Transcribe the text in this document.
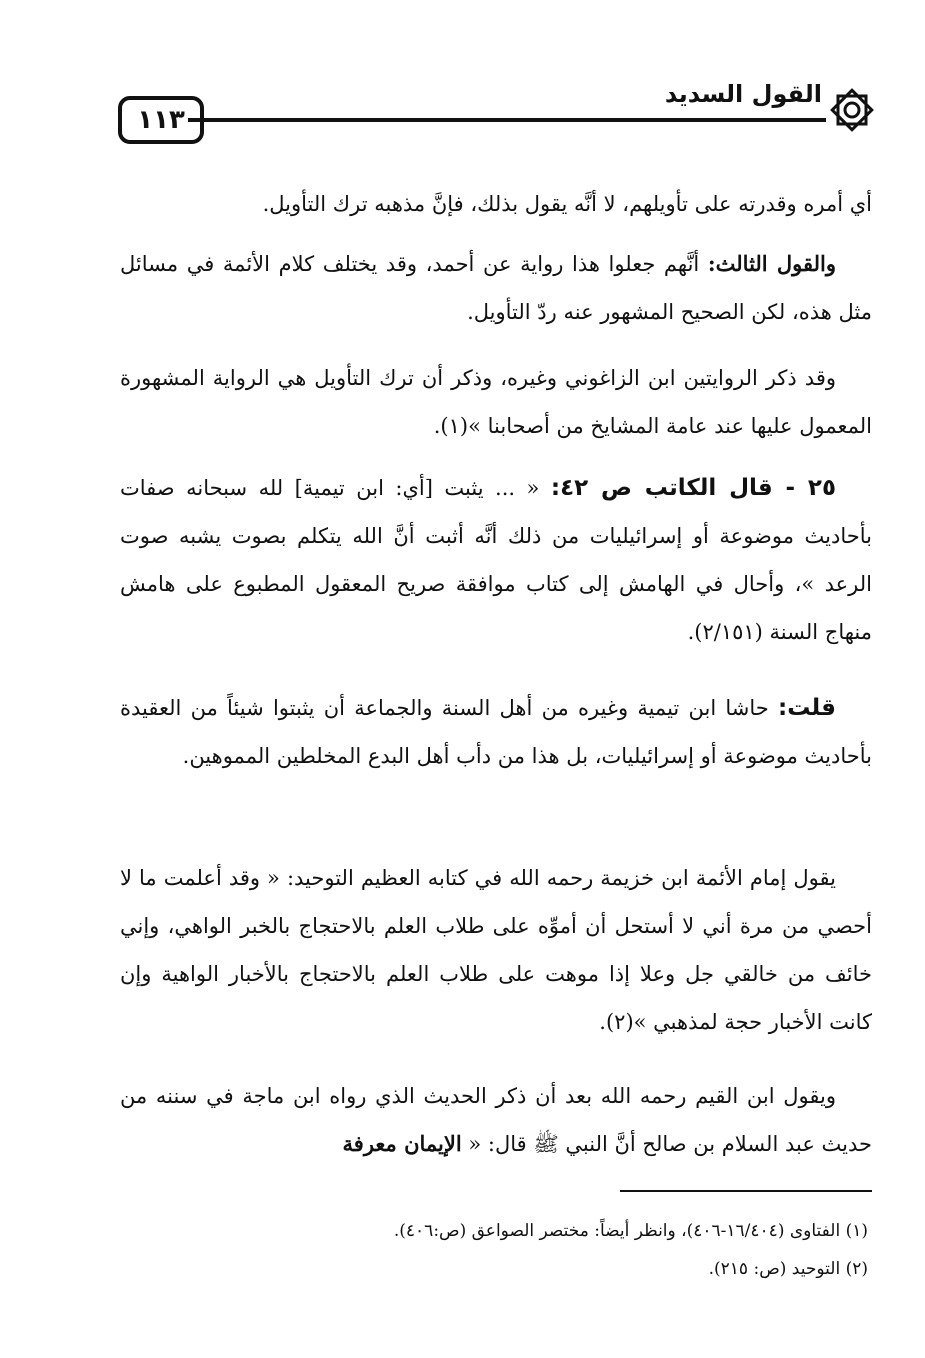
١١٣
القول السديد

أي أمره وقدرته على تأويلهم، لا أنَّه يقول بذلك، فإنَّ مذهبه ترك التأويل.

والقول الثالث: أنَّهم جعلوا هذا رواية عن أحمد، وقد يختلف كلام الأئمة في مسائل مثل هذه، لكن الصحيح المشهور عنه ردّ التأويل.

وقد ذكر الروايتين ابن الزاغوني وغيره، وذكر أن ترك التأويل هي الرواية المشهورة المعمول عليها عند عامة المشايخ من أصحابنا »(١).

٢٥ - قال الكاتب ص ٤٢: « ... يثبت [أي: ابن تيمية] لله سبحانه صفات بأحاديث موضوعة أو إسرائيليات من ذلك أنَّه أثبت أنَّ الله يتكلم بصوت يشبه صوت الرعد »، وأحال في الهامش إلى كتاب موافقة صريح المعقول المطبوع على هامش منهاج السنة (٢/١٥١).

قلت: حاشا ابن تيمية وغيره من أهل السنة والجماعة أن يثبتوا شيئاً من العقيدة بأحاديث موضوعة أو إسرائيليات، بل هذا من دأب أهل البدع المخلطين المموهين.

يقول إمام الأئمة ابن خزيمة رحمه الله في كتابه العظيم التوحيد: « وقد أعلمت ما لا أحصي من مرة أني لا أستحل أن أموِّه على طلاب العلم بالاحتجاج بالخبر الواهي، وإني خائف من خالقي جل وعلا إذا موهت على طلاب العلم بالاحتجاج بالأخبار الواهية وإن كانت الأخبار حجة لمذهبي »(٢).

ويقول ابن القيم رحمه الله بعد أن ذكر الحديث الذي رواه ابن ماجة في سننه من حديث عبد السلام بن صالح أنَّ النبي ﷺ قال: « الإيمان معرفة

(١) الفتاوى (١٦/٤٠٤-٤٠٦)، وانظر أيضاً: مختصر الصواعق (ص:٤٠٦).

(٢) التوحيد (ص: ٢١٥).
